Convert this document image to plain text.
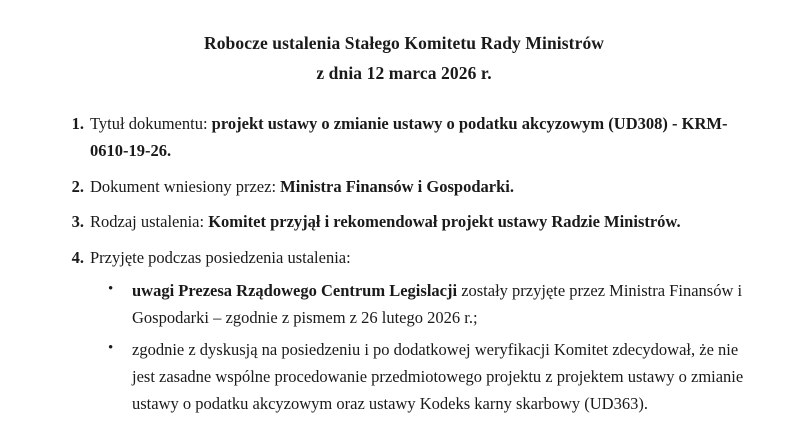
Robocze ustalenia Stałego Komitetu Rady Ministrów
z dnia 12 marca 2026 r.
1. Tytuł dokumentu: projekt ustawy o zmianie ustawy o podatku akcyzowym (UD308) - KRM-0610-19-26.
2. Dokument wniesiony przez: Ministra Finansów i Gospodarki.
3. Rodzaj ustalenia: Komitet przyjął i rekomendował projekt ustawy Radzie Ministrów.
4. Przyjęte podczas posiedzenia ustalenia:
• uwagi Prezesa Rządowego Centrum Legislacji zostały przyjęte przez Ministra Finansów i Gospodarki – zgodnie z pismem z 26 lutego 2026 r.;
• zgodnie z dyskusją na posiedzeniu i po dodatkowej weryfikacji Komitet zdecydował, że nie jest zasadne wspólne procedowanie przedmiotowego projektu z projektem ustawy o zmianie ustawy o podatku akcyzowym oraz ustawy Kodeks karny skarbowy (UD363).
